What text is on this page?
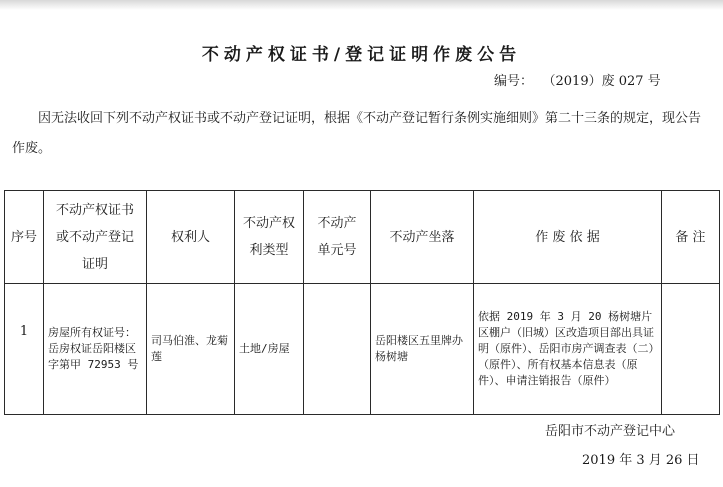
不动产权证书/登记证明作废公告
编号： （2019）废 027 号
因无法收回下列不动产权证书或不动产登记证明，根据《不动产登记暂行条例实施细则》第二十三条的规定，现公告作废。
序号	不动产权证书
或不动产登记
证明	权利人	不动产权
利类型	不动产
单元号	不动产坐落	作 废 依 据	备 注
1	房屋所有权证号：岳房权证岳阳楼区字第甲 72953 号	司马伯淮、龙菊莲	土地/房屋		岳阳楼区五里牌办杨树塘	依据 2019 年 3 月 20 杨树塘片区棚户（旧城）区改造项目部出具证明（原件）、岳阳市房产调查表（二）（原件）、所有权基本信息表（原件）、申请注销报告（原件）	
岳阳市不动产登记中心
2019 年 3 月 26 日
